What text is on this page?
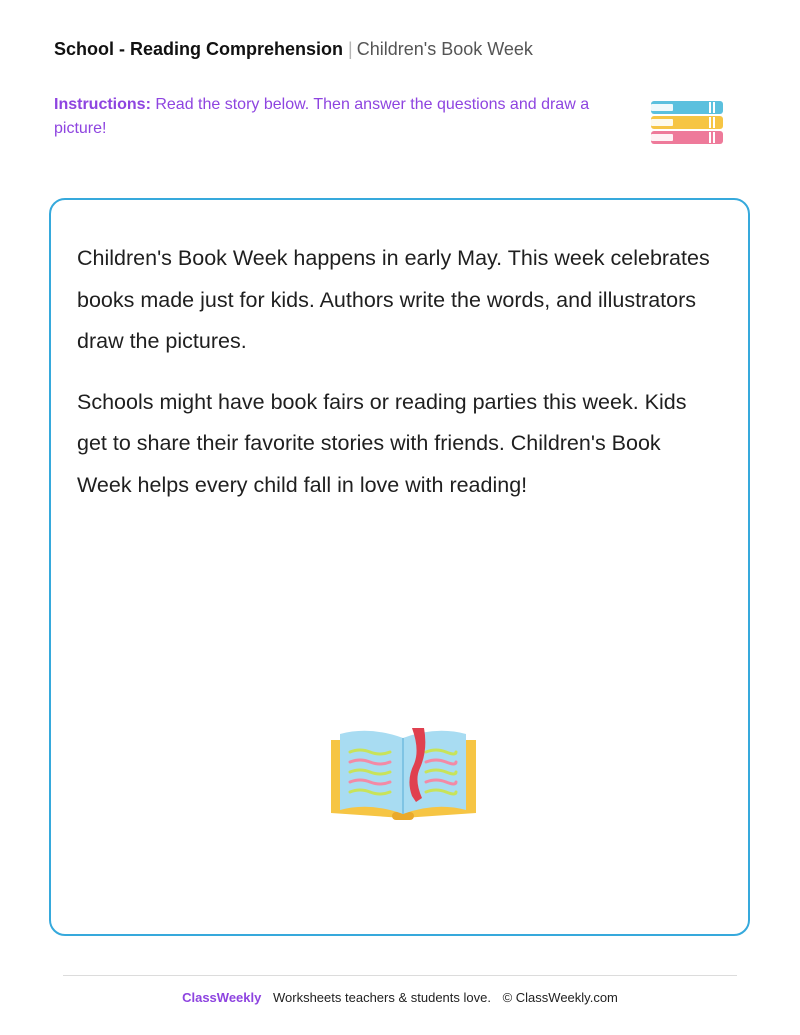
School - Reading Comprehension | Children's Book Week
Instructions: Read the story below. Then answer the questions and draw a picture!

Children's Book Week happens in early May. This week celebrates books made just for kids. Authors write the words, and illustrators draw the pictures.

Schools might have book fairs or reading parties this week. Kids get to share their favorite stories with friends. Children's Book Week helps every child fall in love with reading!

ClassWeekly Worksheets teachers & students love. © ClassWeekly.com
